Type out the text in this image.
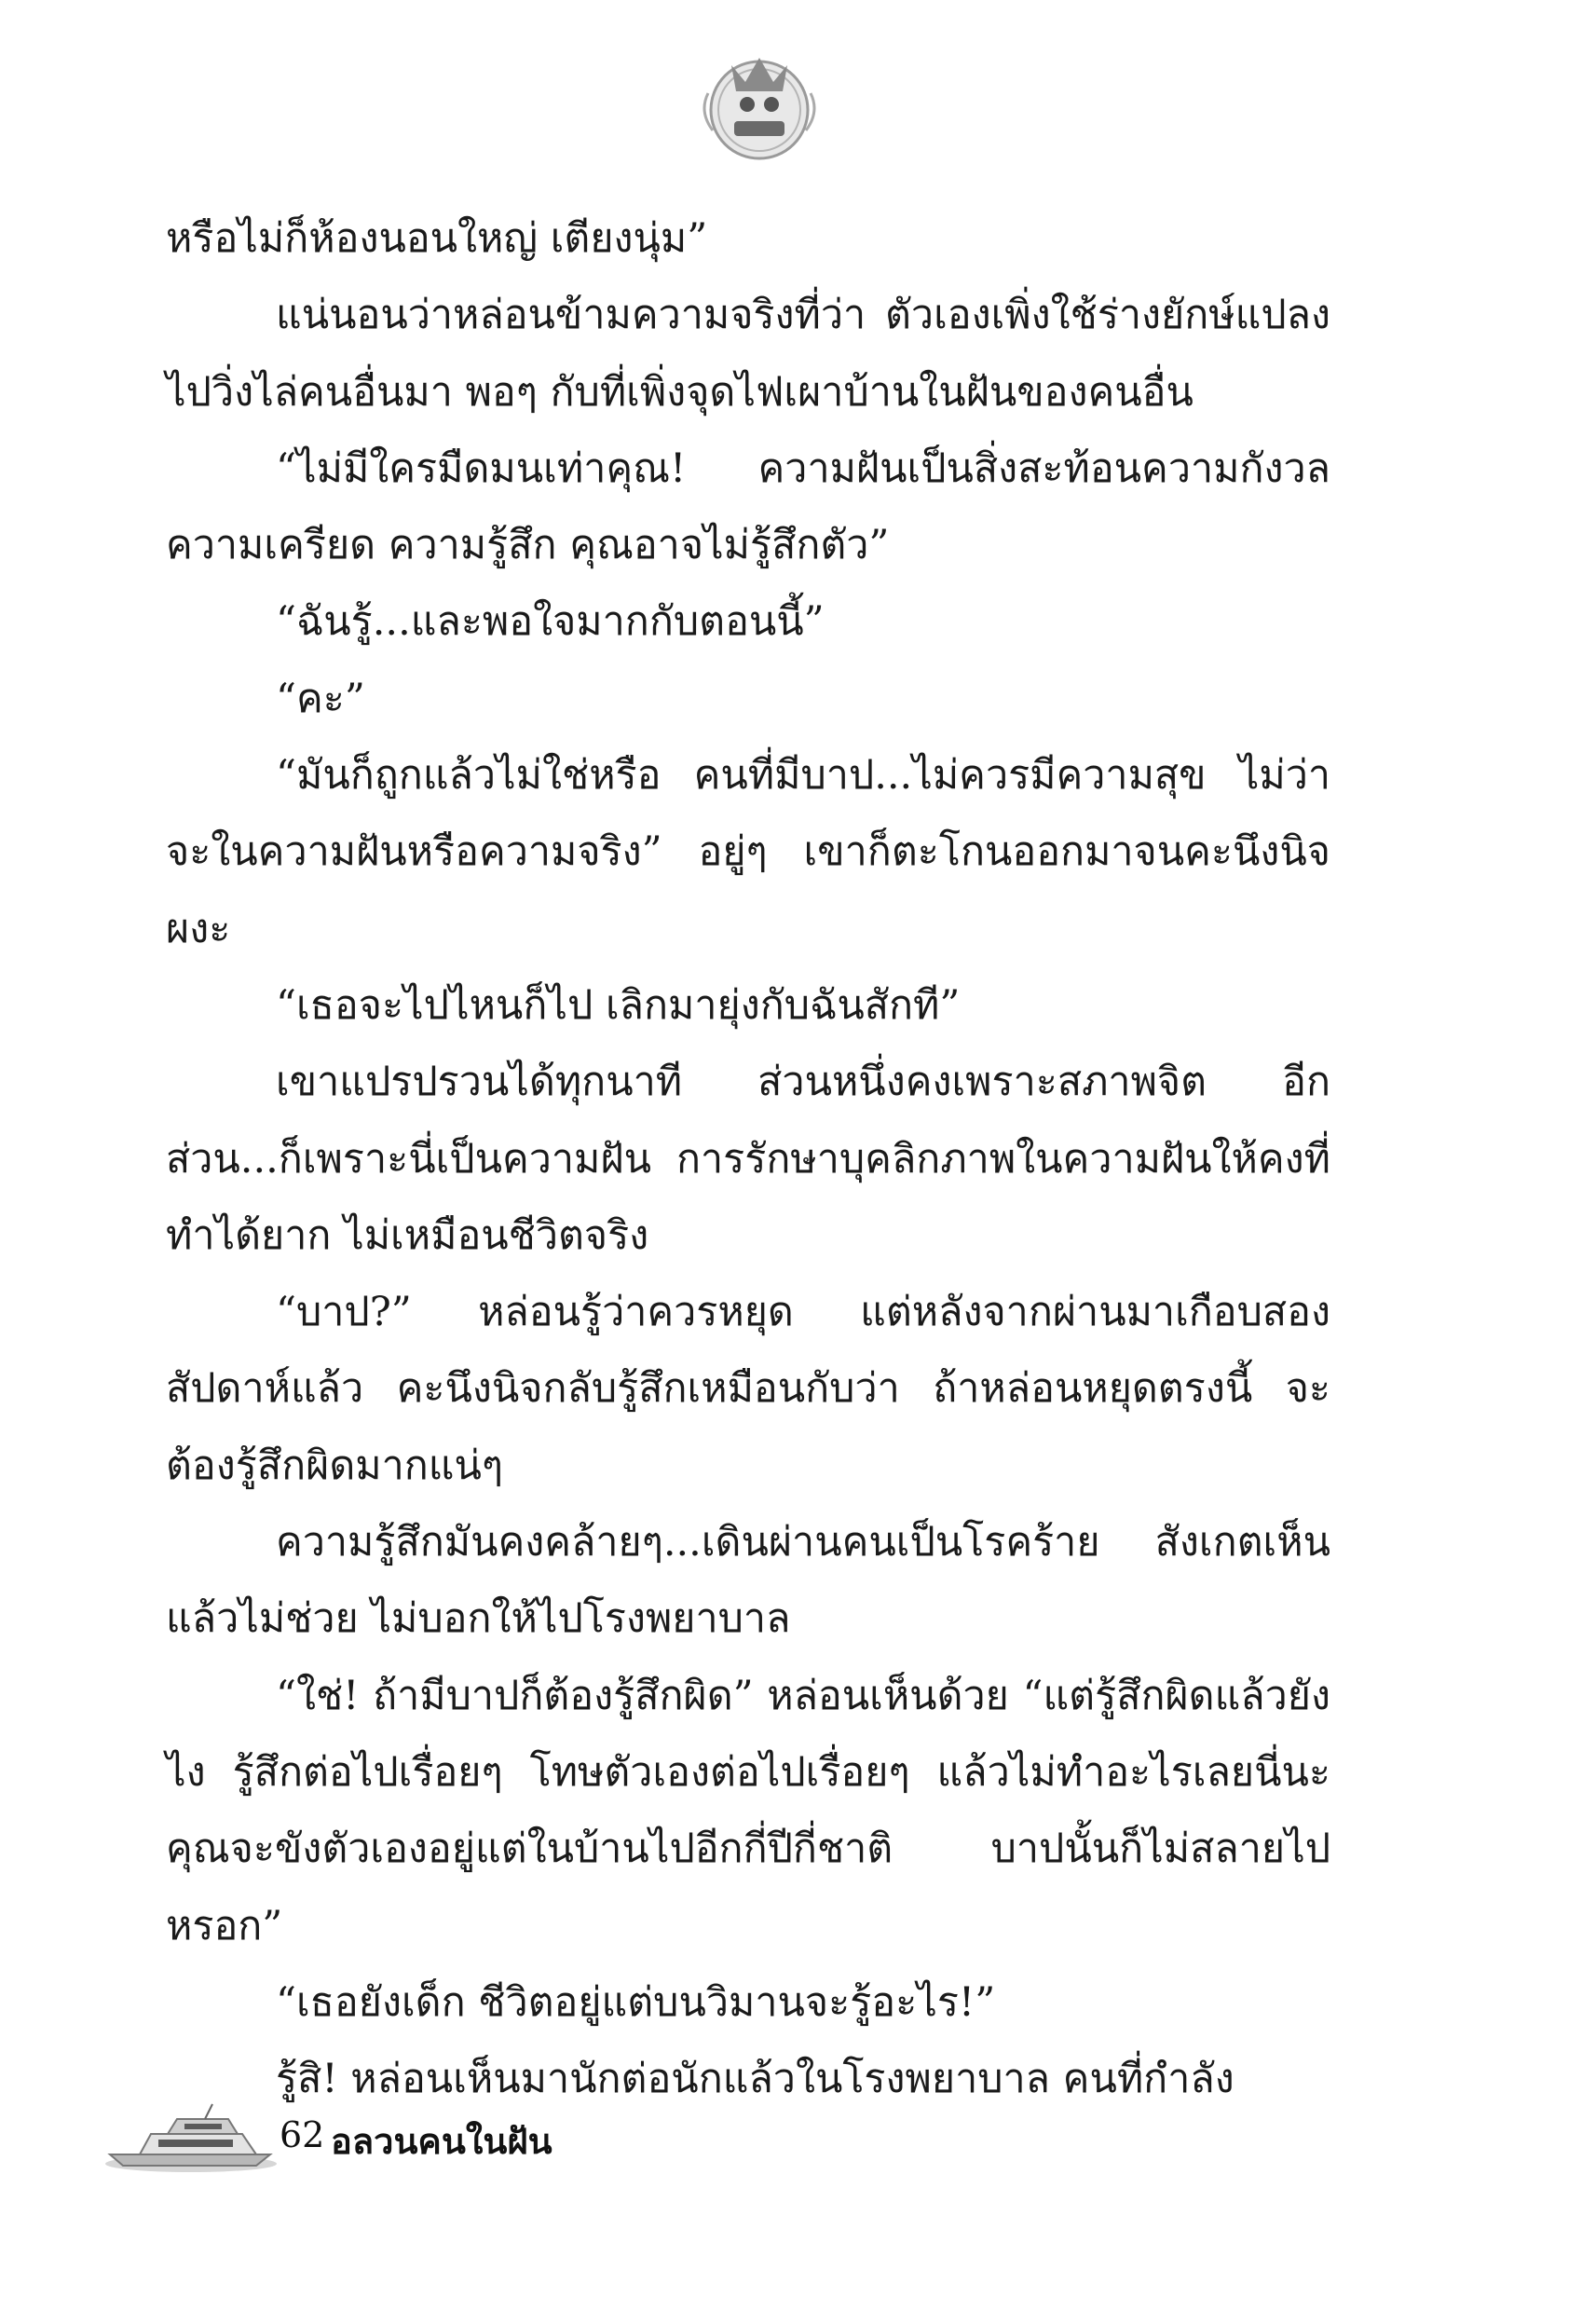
หรือไม่ก็ห้องนอนใหญ่ เตียงนุ่ม”

แน่นอนว่าหล่อนข้ามความจริงที่ว่า ตัวเองเพิ่งใช้ร่างยักษ์แปลงไปวิ่งไล่คนอื่นมา พอๆ กับที่เพิ่งจุดไฟเผาบ้านในฝันของคนอื่น

“ไม่มีใครมืดมนเท่าคุณ! ความฝันเป็นสิ่งสะท้อนความกังวล ความเครียด ความรู้สึก คุณอาจไม่รู้สึกตัว”

“ฉันรู้...และพอใจมากกับตอนนี้”

“คะ”

“มันก็ถูกแล้วไม่ใช่หรือ คนที่มีบาป...ไม่ควรมีความสุข ไม่ว่าจะในความฝันหรือความจริง” อยู่ๆ เขาก็ตะโกนออกมาจนคะนึงนิจผงะ

“เธอจะไปไหนก็ไป เลิกมายุ่งกับฉันสักที”

เขาแปรปรวนได้ทุกนาที ส่วนหนึ่งคงเพราะสภาพจิต อีกส่วน...ก็เพราะนี่เป็นความฝัน การรักษาบุคลิกภาพในความฝันให้คงที่ทำได้ยาก ไม่เหมือนชีวิตจริง

“บาป?” หล่อนรู้ว่าควรหยุด แต่หลังจากผ่านมาเกือบสองสัปดาห์แล้ว คะนึงนิจกลับรู้สึกเหมือนกับว่า ถ้าหล่อนหยุดตรงนี้ จะต้องรู้สึกผิดมากแน่ๆ

ความรู้สึกมันคงคล้ายๆ...เดินผ่านคนเป็นโรคร้าย สังเกตเห็นแล้วไม่ช่วย ไม่บอกให้ไปโรงพยาบาล

“ใช่! ถ้ามีบาปก็ต้องรู้สึกผิด” หล่อนเห็นด้วย “แต่รู้สึกผิดแล้วยังไง รู้สึกต่อไปเรื่อยๆ โทษตัวเองต่อไปเรื่อยๆ แล้วไม่ทำอะไรเลยนี่นะ คุณจะขังตัวเองอยู่แต่ในบ้านไปอีกกี่ปีกี่ชาติ บาปนั้นก็ไม่สลายไปหรอก”

“เธอยังเด็ก ชีวิตอยู่แต่บนวิมานจะรู้อะไร!”

รู้สิ! หล่อนเห็นมานักต่อนักแล้วในโรงพยาบาล คนที่กำลัง

62 อลวนคนในฝัน
